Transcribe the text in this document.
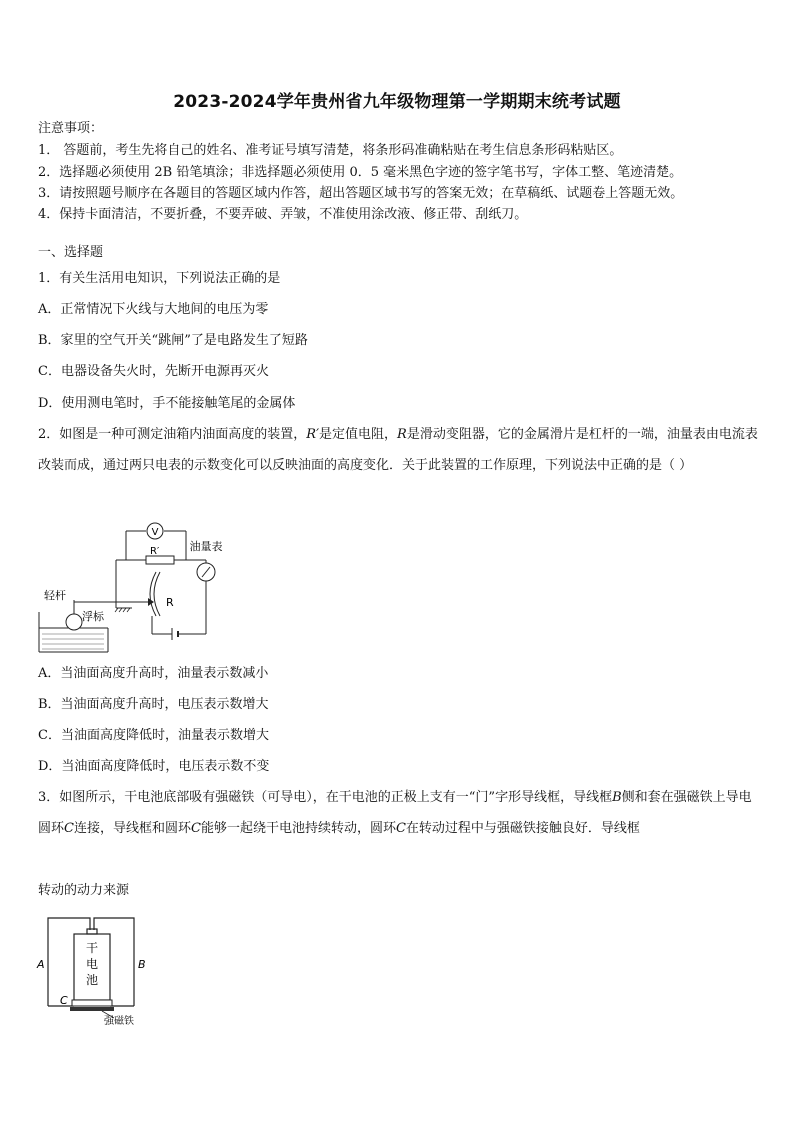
2023-2024学年贵州省九年级物理第一学期期末统考试题
注意事项：
1． 答题前，考生先将自己的姓名、准考证号填写清楚，将条形码准确粘贴在考生信息条形码粘贴区。
2．选择题必须使用 2B 铅笔填涂；非选择题必须使用 0．5 毫米黑色字迹的签字笔书写，字体工整、笔迹清楚。
3．请按照题号顺序在各题目的答题区域内作答，超出答题区域书写的答案无效；在草稿纸、试题卷上答题无效。
4．保持卡面清洁，不要折叠，不要弄破、弄皱，不准使用涂改液、修正带、刮纸刀。
一、选择题
1．有关生活用电知识，下列说法正确的是
A．正常情况下火线与大地间的电压为零
B．家里的空气开关“跳闸”了是电路发生了短路
C．电器设备失火时，先断开电源再灭火
D．使用测电笔时，手不能接触笔尾的金属体
2．如图是一种可测定油箱内油面高度的装置，R′是定值电阻，R是滑动变阻器，它的金属滑片是杠杆的一端，油量表由电流表改装而成，通过两只电表的示数变化可以反映油面的高度变化．关于此装置的工作原理，下列说法中正确的是（ ）
V
R′
R
油量表
轻杆
浮标
A．当油面高度升高时，油量表示数减小
B．当油面高度升高时，电压表示数增大
C．当油面高度降低时，油量表示数增大
D．当油面高度降低时，电压表示数不变
3．如图所示，干电池底部吸有强磁铁（可导电），在干电池的正极上支有一“门”字形导线框，导线框B侧和套在强磁铁上导电圆环C连接，导线框和圆环C能够一起绕干电池持续转动，圆环C在转动过程中与强磁铁接触良好．导线框
转动的动力来源
干
电
池
A	B
C
强磁铁
